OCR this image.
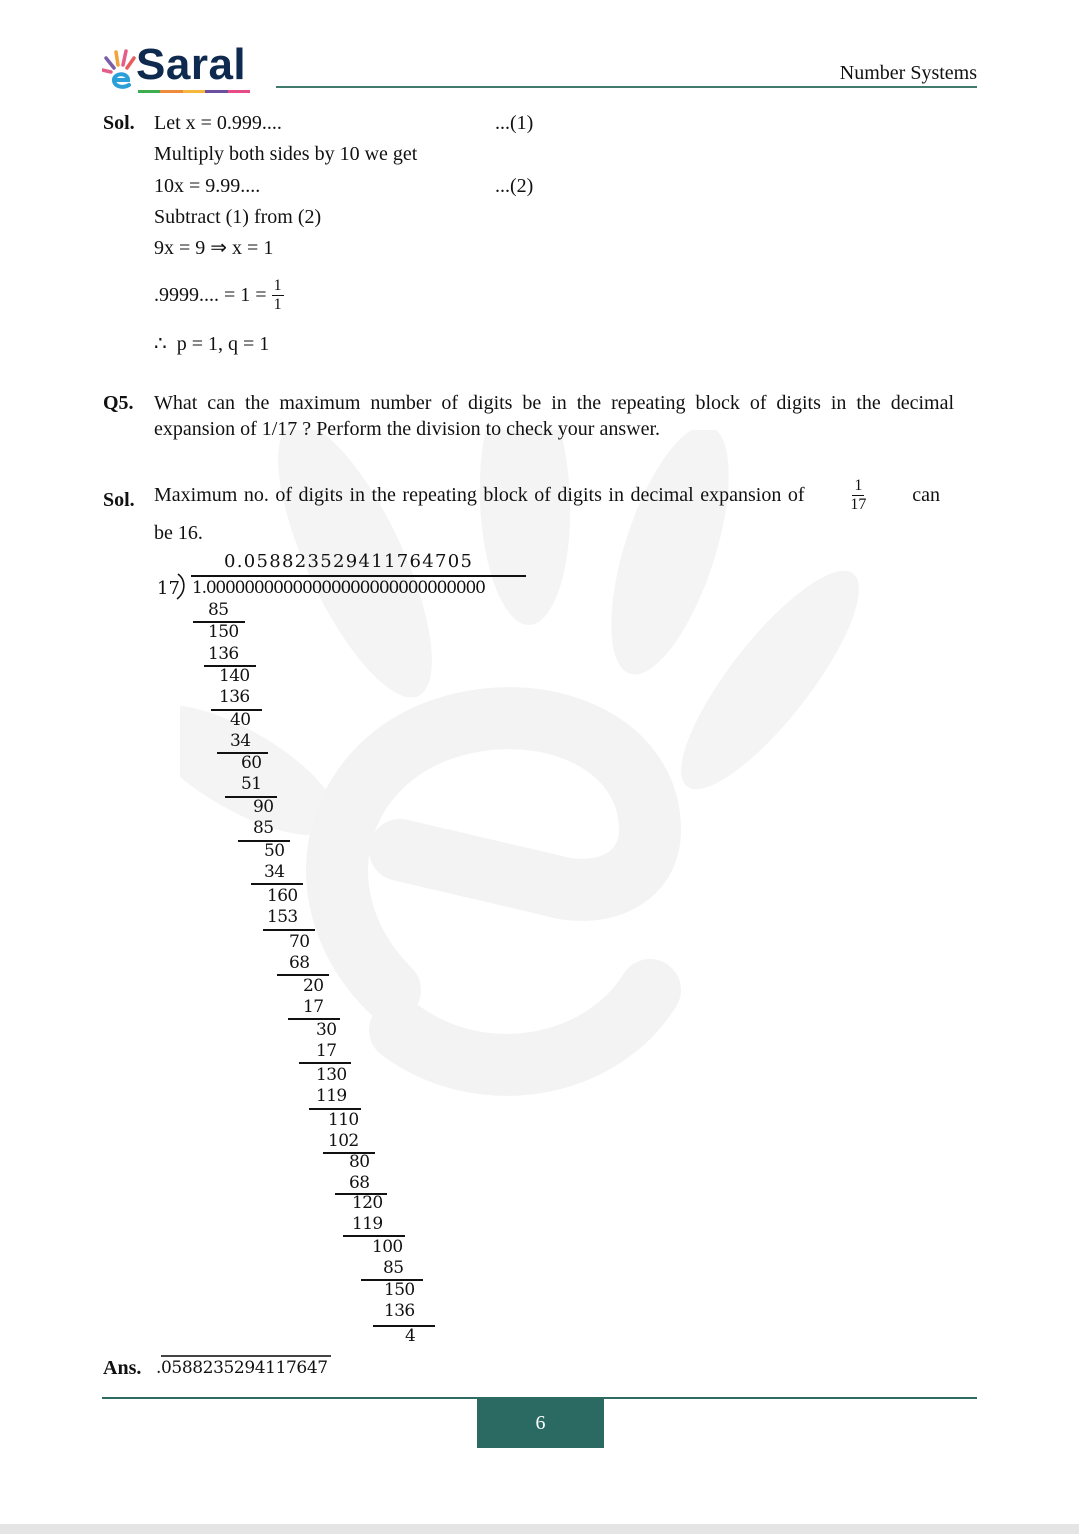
Saral	Number Systems
Sol. Let x = 0.999....	...(1)
Multiply both sides by 10 we get
10x = 9.99....	...(2)
Subtract (1) from (2)
9x = 9 ⇒ x = 1
.9999.... = $1 = \frac{1}{1}$
∴  p = 1, q = 1
Q5. What can the maximum number of digits be in the repeating block of digits in the decimal
expansion of 1/17 ? Perform the division to check your answer.
Sol. Maximum no. of digits in the repeating block of digits in decimal expansion of	$\frac{1}{17}$ can
be 16.
0.058823529411764705
17 1.00000000000000000000000000000
85
150
136
140
136
40
34
60
51
90
85
50
34
160
153
70
68
20
17
30
17
130
119
110
102
80
68
120
119
100
85
150
136
4
Ans. .0588235294117647
6
